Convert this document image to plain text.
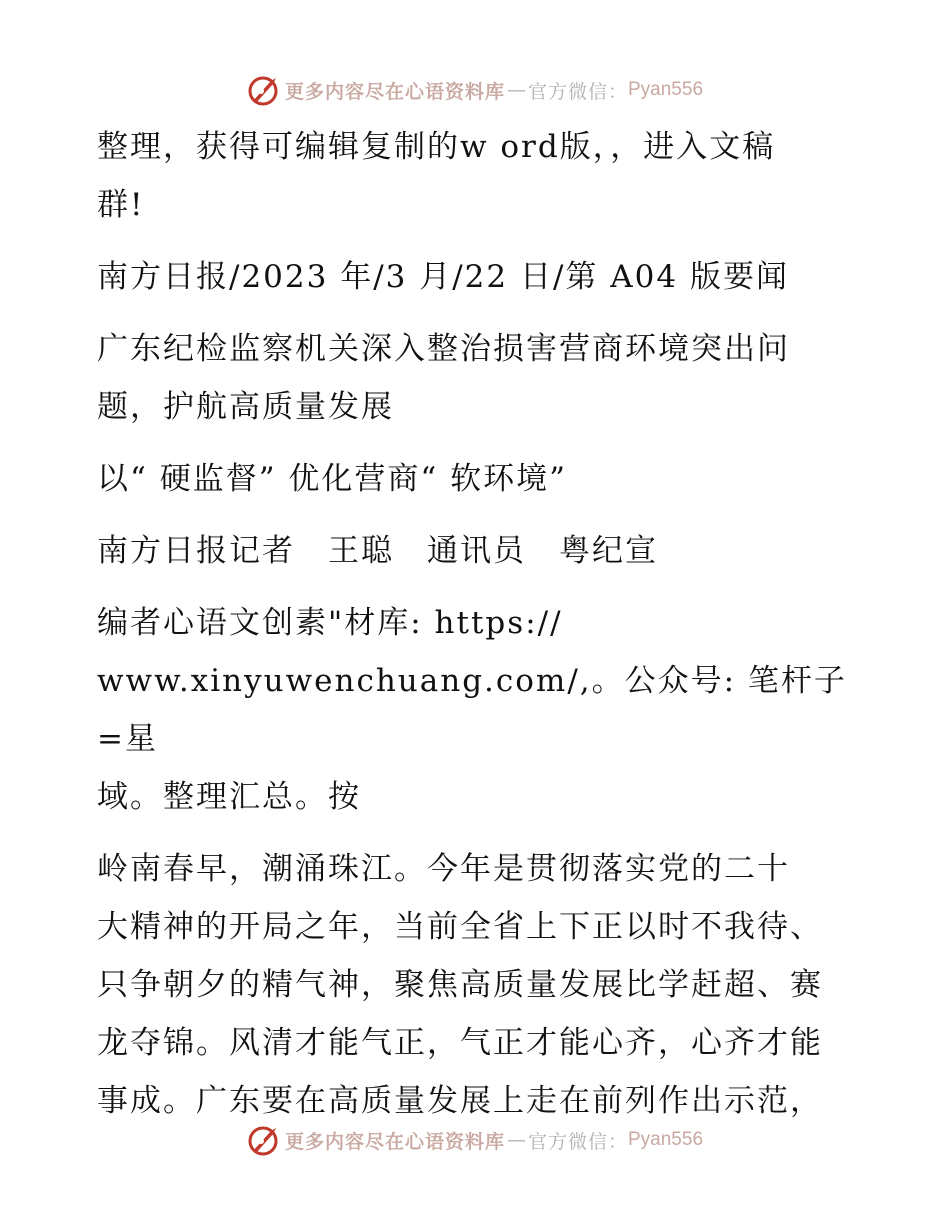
更多内容尽在心语资料库 — 官方微信： Pyan556
整理，获得可编辑复制的w ord版，，进入文稿
群!
南方日报/2023 年/3 月/22 日/第 A04 版要闻
广东纪检监察机关深入整治损害营商环境突出问
题，护航高质量发展
以“ 硬监督” 优化营商“ 软环境”
南方日报记者　王聪　通讯员　粤纪宣
编者心语文创素"材库: https://
www.xinyuwenchuang.com/,。公众号: 笔杆子=星
域。整理汇总。按
岭南春早，潮涌珠江。今年是贯彻落实党的二十
大精神的开局之年，当前全省上下正以时不我待、
只争朝夕的精气神，聚焦高质量发展比学赶超、赛
龙夺锦。风清才能气正，气正才能心齐，心齐才能
事成。广东要在高质量发展上走在前列作出示范，
更多内容尽在心语资料库 — 官方微信： Pyan556
